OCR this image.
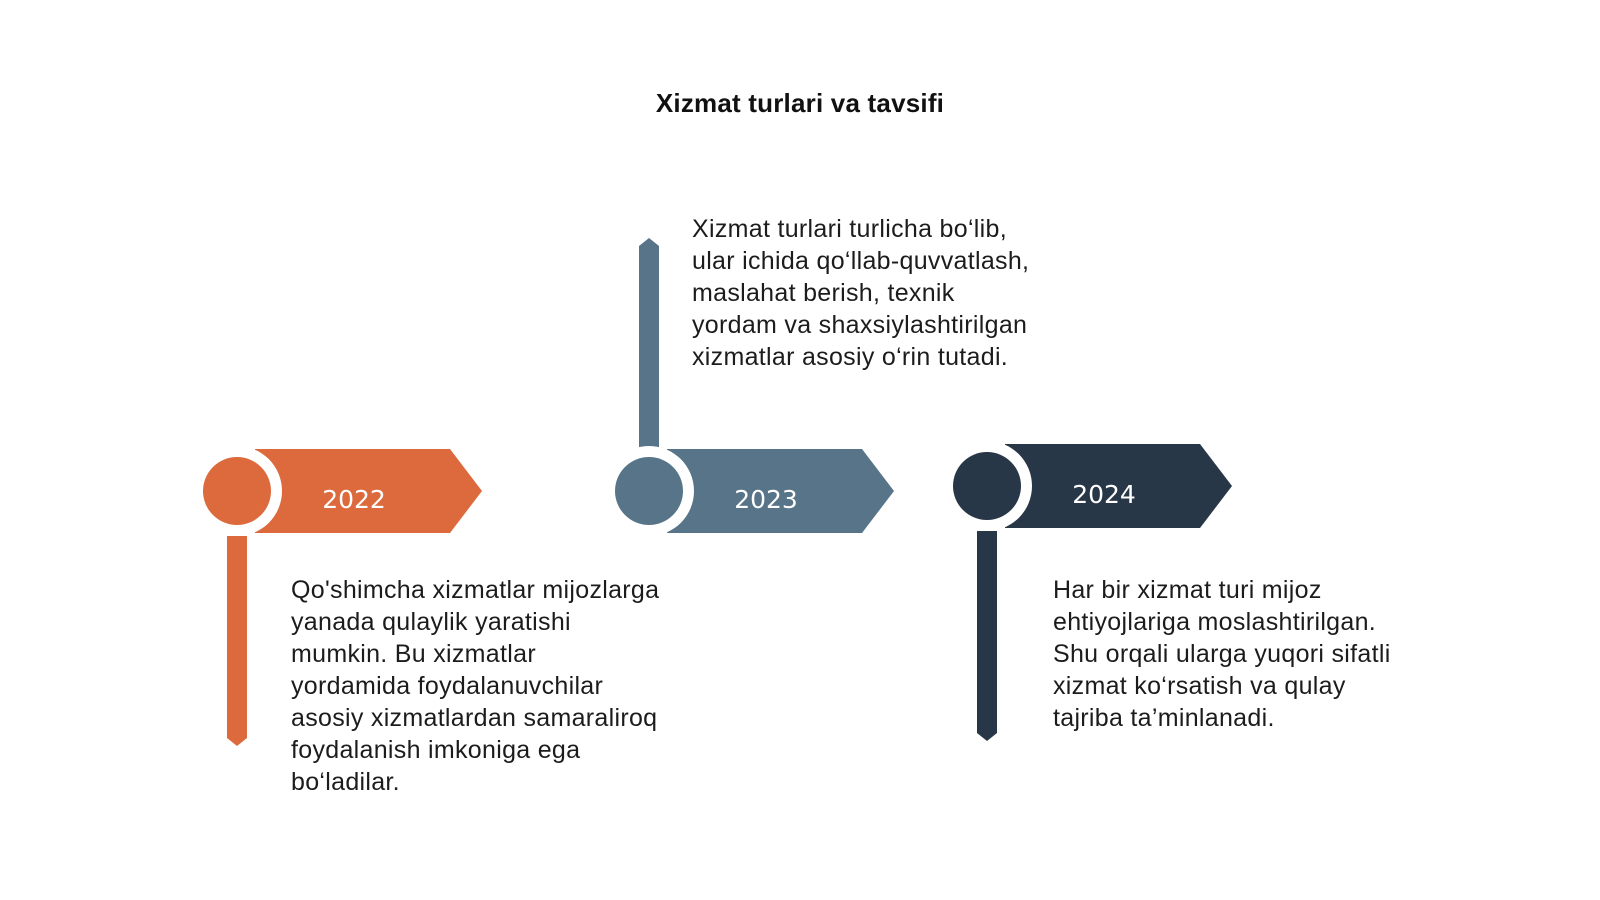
Xizmat turlari va tavsifi
2022	2023	2024
Qo'shimcha xizmatlar mijozlarga yanada qulaylik yaratishi mumkin. Bu xizmatlar yordamida foydalanuvchilar asosiy xizmatlardan samaraliroq foydalanish imkoniga ega bo‘ladilar.
Xizmat turlari turlicha bo‘lib, ular ichida qo‘llab-quvvatlash, maslahat berish, texnik yordam va shaxsiylashtirilgan xizmatlar asosiy o‘rin tutadi.
Har bir xizmat turi mijoz ehtiyojlariga moslashtirilgan. Shu orqali ularga yuqori sifatli xizmat ko‘rsatish va qulay tajriba ta’minlanadi.
